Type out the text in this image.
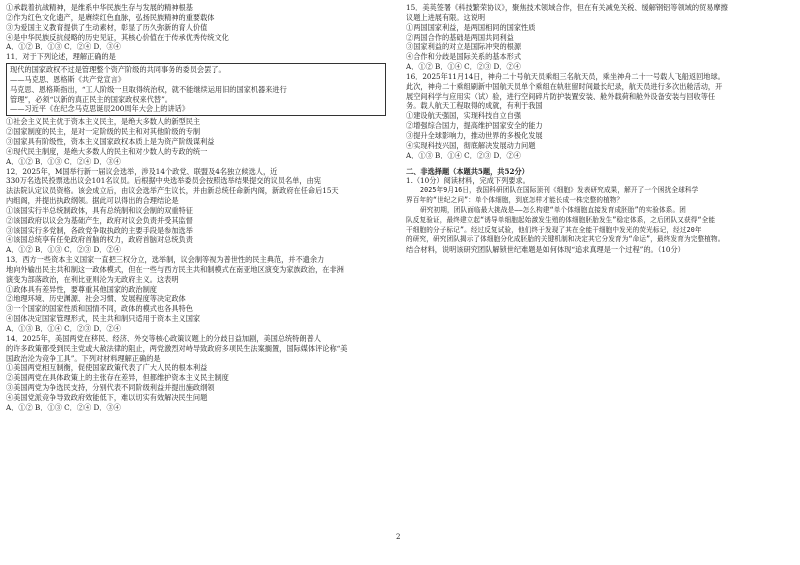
①承载着抗战精神，是维系中华民族生存与发展的精神根基
②作为红色文化遗产，是赓续红色血脉，弘扬民族精神的重要载体
③为爱国主义教育提供了生动素材，彰显了历久弥新的育人价值
④是中华民族反抗侵略的历史见证，其核心价值在于传承优秀传统文化
A．①② B．①③ C．②④ D．③④
11．对于下列论述，理解正确的是
现代的国家政权不过是管理整个资产阶级的共同事务的委员会罢了。
——马克思、恩格斯《共产党宣言》
马克思、恩格斯指出，“工人阶级一旦取得统治权，就不能继续运用旧的国家机器来进行
管理”，必须“以新的真正民主的国家政权来代替”。
——习近平《在纪念马克思诞辰200周年大会上的讲话》
①社会主义民主优于资本主义民主，是绝大多数人的新型民主
②国家制度的民主，是对一定阶级的民主和对其他阶级的专制
③国家具有阶级性，资本主义国家政权本质上是为资产阶级谋利益
④现代民主制度，是绝大多数人的民主和对少数人的专政的统一
A．①② B．①③ C．②④ D．③④
12．2025年，M国举行新一届议会选举，涉及14个政党、联盟及4名独立候选人，近
330万名选民投票选出议会101名议员。后根据中央选举委员会按照选举结果提交的议员名单，由宪
法法院认定议员资格。该会成立后，由议会选举产生议长，并由新总统任命新内阁，新政府在任命后15天
内组阁，并提出执政纲领。据此可以得出的合理结论是
①该国实行半总统制政体，具有总统制和议会制的双重特征
②该国政府以议会为基础产生，政府对议会负责并受其监督
③该国实行多党制，各政党争取执政的主要手段是参加选举
④该国总统享有任免政府首脑的权力，政府首脑对总统负责
A．①② B．①③ C．②③ D．②④
13．西方一些资本主义国家一直把三权分立，选举制，议会制等视为普世性的民主典范，并不遗余力
地向外输出民主共和制这一政体模式，但在一些与西方民主共和制模式在南亚地区演变为家族政治，在非洲
演变为部落政治，在利比亚则沦为无政府主义。这表明
①政体具有差异性，要尊重其他国家的政治制度
②地理环境、历史渊源、社会习惯、发展程度等决定政体
③一个国家的国家性质和国情不同，政体的模式也各具特色
④国体决定国家管理形式，民主共和制只适用于资本主义国家
A．①③ B．①④ C．②③ D．②④
14．2025年，美国两党在移民、经济、外交等核心政策议题上的分歧日益加剧，美国总统特朗普人
的许多政策都受到民主党或大赦法律的阻止，两党激烈对峙导致政府多项民生法案搁置，国际媒体评论称“美
国政治沦为竞争工具”。下列对材料理解正确的是
①美国两党相互制衡，促使国家政策代表了广大人民的根本利益
②美国两党在具体政策上的主张存在差异，但都维护资本主义民主制度
③美国两党为争选民支持，分别代表不同阶级利益并提出施政纲领
④美国党派竞争导致政府效能低下，难以切实有效解决民生问题
A．①② B．①③ C．②④ D．③④
15．美英签署《科技繁荣协议》，聚焦技术领域合作，但在有关减免关税、缓解钢铝等领域的贸易摩擦
议题上进展有限。这说明
①两国国家利益，是两国相同的国家性质
②两国合作的基础是两国共同利益
③国家利益的对立是国际冲突的根源
④合作和分歧是国际关系的基本形式
A．①② B．①④ C．②③ D．②④
16．2025年11月14日，神舟二十号航天员乘组三名航天员，乘坐神舟二十一号载人飞船返回地球。
此次，神舟二十乘组刷新中国航天员单个乘组在轨驻留时间最长纪录，航天员进行多次出舱活动，开
展空间科学与应用实（试）验，进行空间碎片防护装置安装、舱外载荷和舱外设备安装与回收等任
务。载人航天工程取得的成就，有利于我国
①建设航天强国，实现科技自立自强
②增强综合国力，提高维护国家安全的能力
③提升全球影响力，推动世界的多极化发展
④实现科技兴国，彻底解决发展动力问题
A．①③ B．①④ C．②③ D．②④
二、非选择题（本题共5题，共52分）
1.（10分）阅读材料，完成下列要求。
2025年9月16日，我国科研团队在国际顶刊《细胞》发表研究成果，解开了一个困扰全球科学
界百年的“世纪之问”：单个体细胞，到底怎样才能长成一株完整的植物？
研究初期，团队面临最大挑战是——怎么构建“单个体细胞直接发育成胚胎”的实验体系。团
队反复验证，最终建立起“诱导单细胞起始激发生殖的体细胞胚胎发生”稳定体系，之后团队又获得“全能
干细胞的分子标记”。经过反复试验，他们终于发现了其在全能干细胞中发光的荧光标记，经过20年
的研究，研究团队揭示了体细胞分化成胚胎的关键机制和决定其它分发育为“命运”，最终发育为完整植物。
结合材料，说明该研究团队解锁世纪难题是如何体现“追求真理是一个过程”的。（10分）
2
